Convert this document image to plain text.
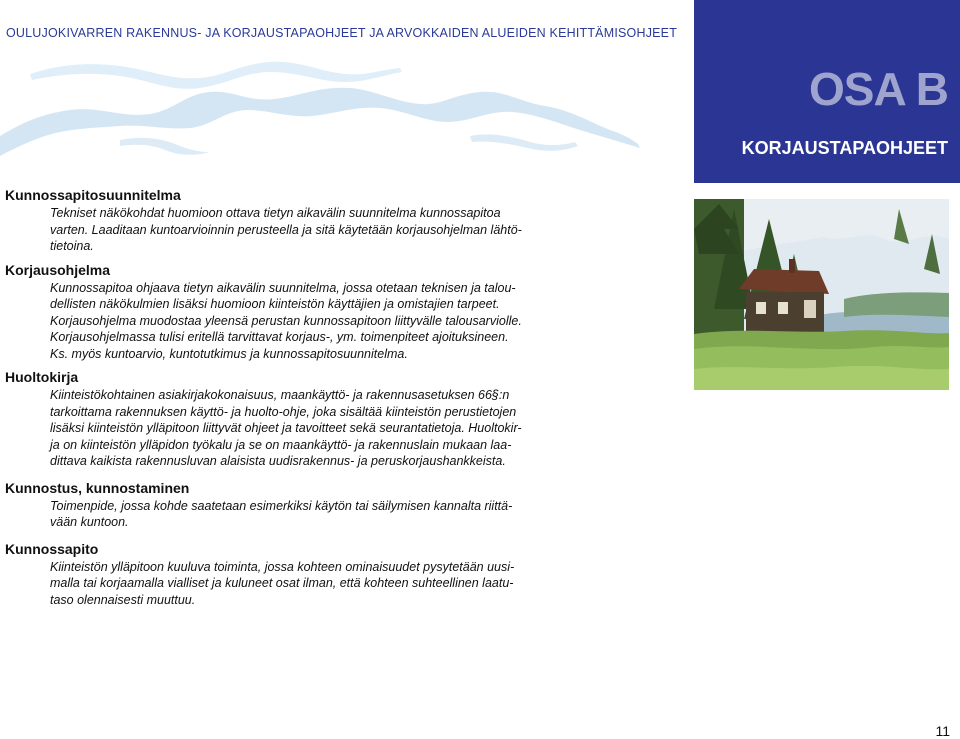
OULUJOKIVARREN RAKENNUS- JA KORJAUSTAPAOHJEET JA ARVOKKAIDEN ALUEIDEN KEHITTÄMISOHJEET
OSA B
KORJAUSTAPAOHJEET

Kunnossapitosuunnitelma

Tekniset näkökohdat huomioon ottava tietyn aikavälin suunnitelma kunnossapitoa
varten. Laaditaan kuntoarvioinnin perusteella ja sitä käytetään korjausohjelman lähtö-
tietoina.

Korjausohjelma

Kunnossapitoa ohjaava tietyn aikavälin suunnitelma, jossa otetaan teknisen ja talou-
dellisten näkökulmien lisäksi huomioon kiinteistön käyttäjien ja omistajien tarpeet.
Korjausohjelma muodostaa yleensä perustan kunnossapitoon liittyvälle talousarviolle.
Korjausohjelmassa tulisi eritellä tarvittavat korjaus-, ym. toimenpiteet ajoituksineen.
Ks. myös kuntoarvio, kuntotutkimus ja kunnossapitosuunnitelma.

Huoltokirja

Kiinteistökohtainen asiakirjakokonaisuus, maankäyttö- ja rakennusasetuksen 66§:n
tarkoittama rakennuksen käyttö- ja huolto-ohje, joka sisältää kiinteistön perustietojen
lisäksi kiinteistön ylläpitoon liittyvät ohjeet ja tavoitteet sekä seurantatietoja. Huoltokir-
ja on kiinteistön ylläpidon työkalu ja se on maankäyttö- ja rakennuslain mukaan laa-
dittava kaikista rakennusluvan alaisista uudisrakennus- ja peruskorjaushankkeista.

Kunnostus, kunnostaminen

Toimenpide, jossa kohde saatetaan esimerkiksi käytön tai säilymisen kannalta riittä-
vään kuntoon.

Kunnossapito

Kiinteistön ylläpitoon kuuluva toiminta, jossa kohteen ominaisuudet pysytetään uusi-
malla tai korjaamalla vialliset ja kuluneet osat ilman, että kohteen suhteellinen laatu-
taso olennaisesti muuttuu.

11
